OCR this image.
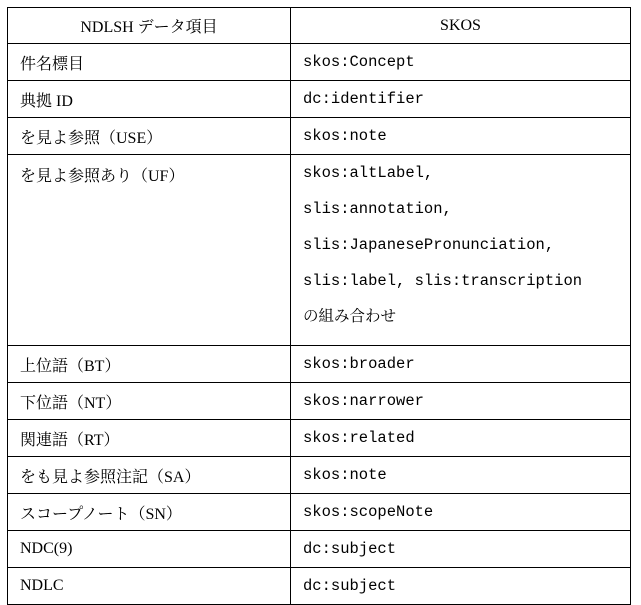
NDLSH データ項目	SKOS
件名標目	skos:Concept
典拠 ID	dc:identifier
を見よ参照（USE）	skos:note
を見よ参照あり（UF）	skos:altLabel,
slis:annotation,
slis:JapanesePronunciation,
slis:label, slis:transcription
の組み合わせ

上位語（BT）	skos:broader
下位語（NT）	skos:narrower
関連語（RT）	skos:related
をも見よ参照注記（SA）	skos:note
スコープノート（SN）	skos:scopeNote
NDC(9)	dc:subject
NDLC	dc:subject
